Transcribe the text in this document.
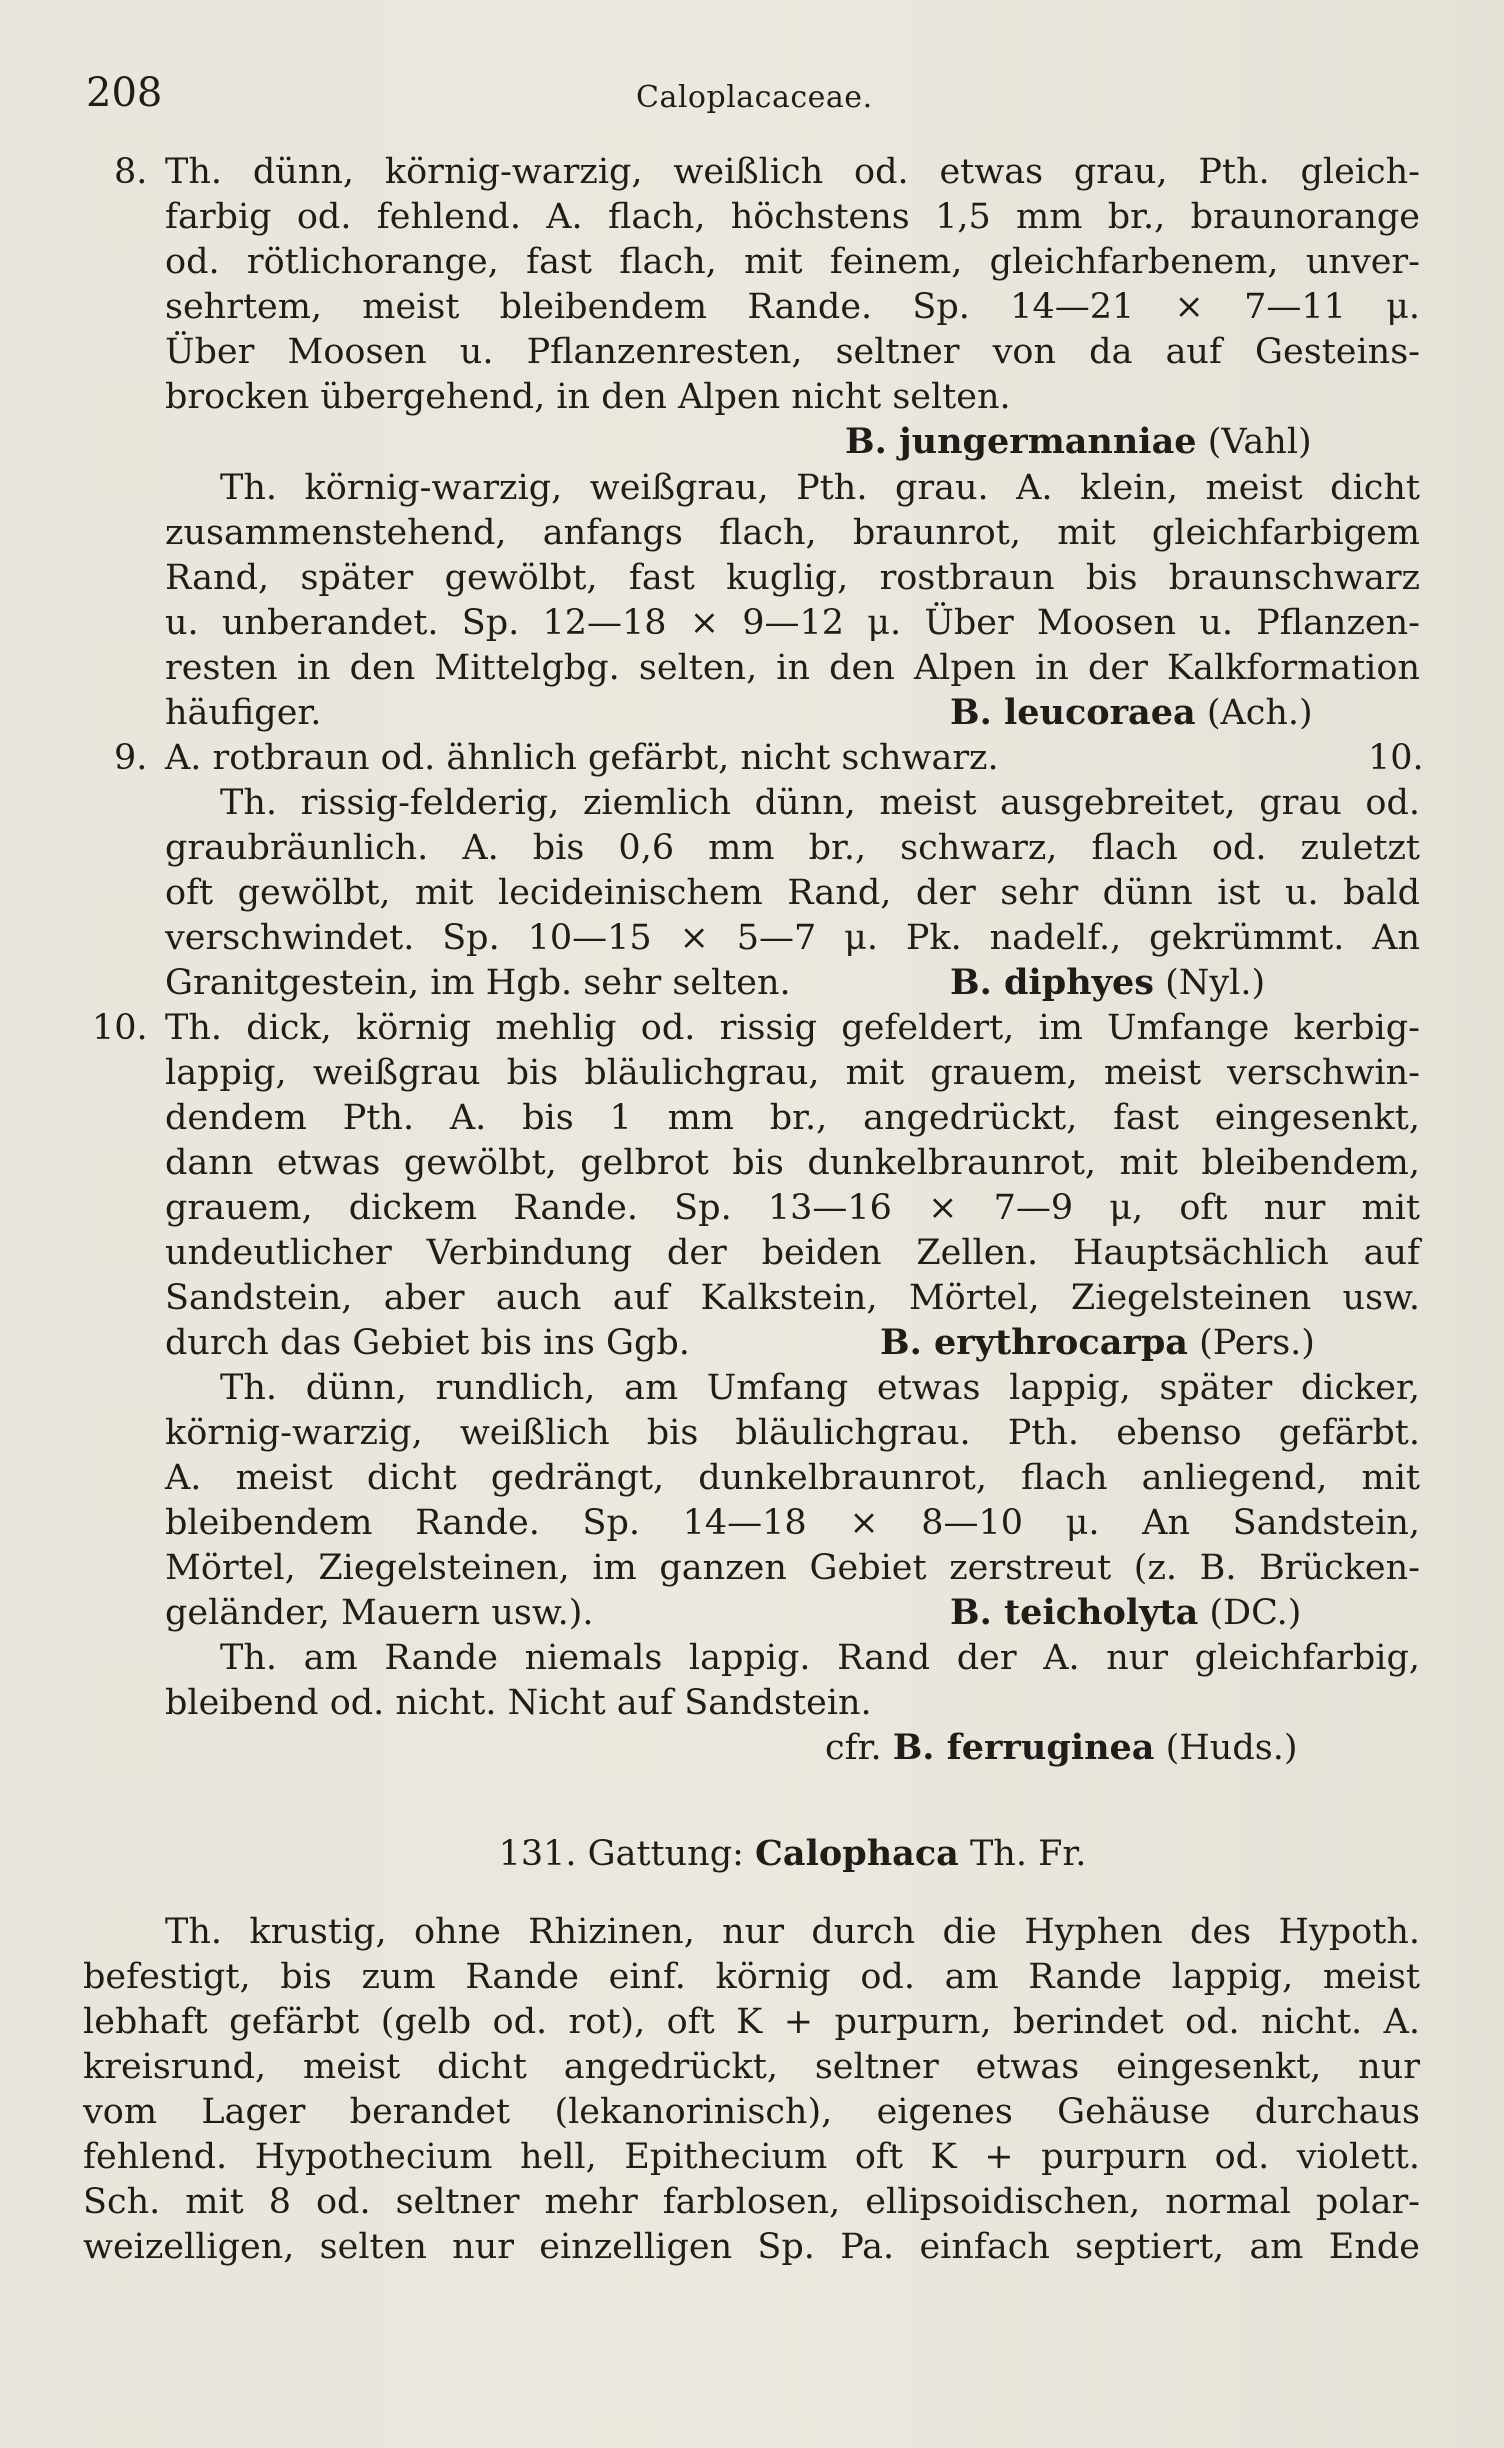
208	Caloplacaceae.
8. Th. dünn, körnig-warzig, weißlich od. etwas grau, Pth. gleich-
farbig od. fehlend. A. flach, höchstens 1,5 mm br., braunorange
od. rötlichorange, fast flach, mit feinem, gleichfarbenem, unver-
sehrtem, meist bleibendem Rande. Sp. 14—21 × 7—11 μ.
Über Moosen u. Pflanzenresten, seltner von da auf Gesteins-
brocken übergehend, in den Alpen nicht selten.
B. jungermanniae (Vahl)
Th. körnig-warzig, weißgrau, Pth. grau. A. klein, meist dicht
zusammenstehend, anfangs flach, braunrot, mit gleichfarbigem
Rand, später gewölbt, fast kuglig, rostbraun bis braunschwarz
u. unberandet. Sp. 12—18 × 9—12 μ. Über Moosen u. Pflanzen-
resten in den Mittelgbg. selten, in den Alpen in der Kalkformation
häufiger.	B. leucoraea (Ach.)
9. A. rotbraun od. ähnlich gefärbt, nicht schwarz.	10.
Th. rissig-felderig, ziemlich dünn, meist ausgebreitet, grau od.
graubräunlich. A. bis 0,6 mm br., schwarz, flach od. zuletzt
oft gewölbt, mit lecideinischem Rand, der sehr dünn ist u. bald
verschwindet. Sp. 10—15 × 5—7 μ. Pk. nadelf., gekrümmt. An
Granitgestein, im Hgb. sehr selten.	B. diphyes (Nyl.)
10. Th. dick, körnig mehlig od. rissig gefeldert, im Umfange kerbig-
lappig, weißgrau bis bläulichgrau, mit grauem, meist verschwin-
dendem Pth. A. bis 1 mm br., angedrückt, fast eingesenkt,
dann etwas gewölbt, gelbrot bis dunkelbraunrot, mit bleibendem,
grauem, dickem Rande. Sp. 13—16 × 7—9 μ, oft nur mit
undeutlicher Verbindung der beiden Zellen. Hauptsächlich auf
Sandstein, aber auch auf Kalkstein, Mörtel, Ziegelsteinen usw.
durch das Gebiet bis ins Ggb.	B. erythrocarpa (Pers.)
Th. dünn, rundlich, am Umfang etwas lappig, später dicker,
körnig-warzig, weißlich bis bläulichgrau. Pth. ebenso gefärbt.
A. meist dicht gedrängt, dunkelbraunrot, flach anliegend, mit
bleibendem Rande. Sp. 14—18 × 8—10 μ. An Sandstein,
Mörtel, Ziegelsteinen, im ganzen Gebiet zerstreut (z. B. Brücken-
geländer, Mauern usw.).	B. teicholyta (DC.)
Th. am Rande niemals lappig. Rand der A. nur gleichfarbig,
bleibend od. nicht. Nicht auf Sandstein.
cfr. B. ferruginea (Huds.)
131. Gattung: Calophaca Th. Fr.
Th. krustig, ohne Rhizinen, nur durch die Hyphen des Hypoth.
befestigt, bis zum Rande einf. körnig od. am Rande lappig, meist
lebhaft gefärbt (gelb od. rot), oft K + purpurn, berindet od. nicht. A.
kreisrund, meist dicht angedrückt, seltner etwas eingesenkt, nur
vom Lager berandet (lekanorinisch), eigenes Gehäuse durchaus
fehlend. Hypothecium hell, Epithecium oft K + purpurn od. violett.
Sch. mit 8 od. seltner mehr farblosen, ellipsoidischen, normal polar-
weizelligen, selten nur einzelligen Sp. Pa. einfach septiert, am Ende
